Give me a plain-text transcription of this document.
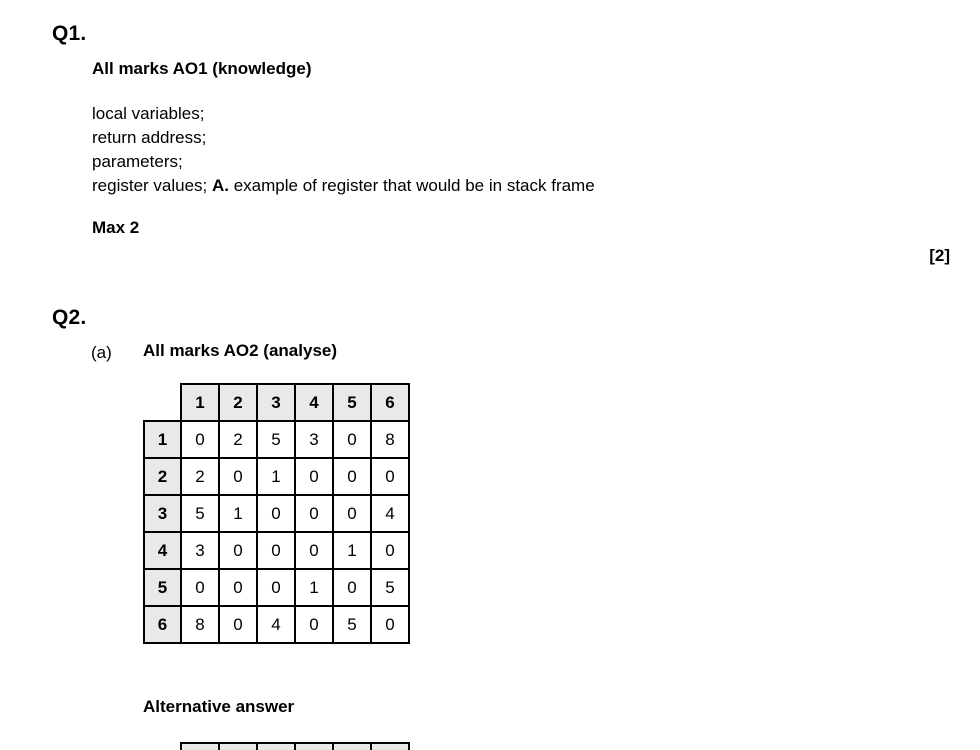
Q1.
All marks AO1 (knowledge)
local variables;
return address;
parameters;
register values; A. example of register that would be in stack frame
Max 2
[2]
Q2.
(a) All marks AO2 (analyse)
	1	2	3	4	5	6
1	0	2	5	3	0	8
2	2	0	1	0	0	0
3	5	1	0	0	0	4
4	3	0	0	0	1	0
5	0	0	0	1	0	5
6	8	0	4	0	5	0
Alternative answer
